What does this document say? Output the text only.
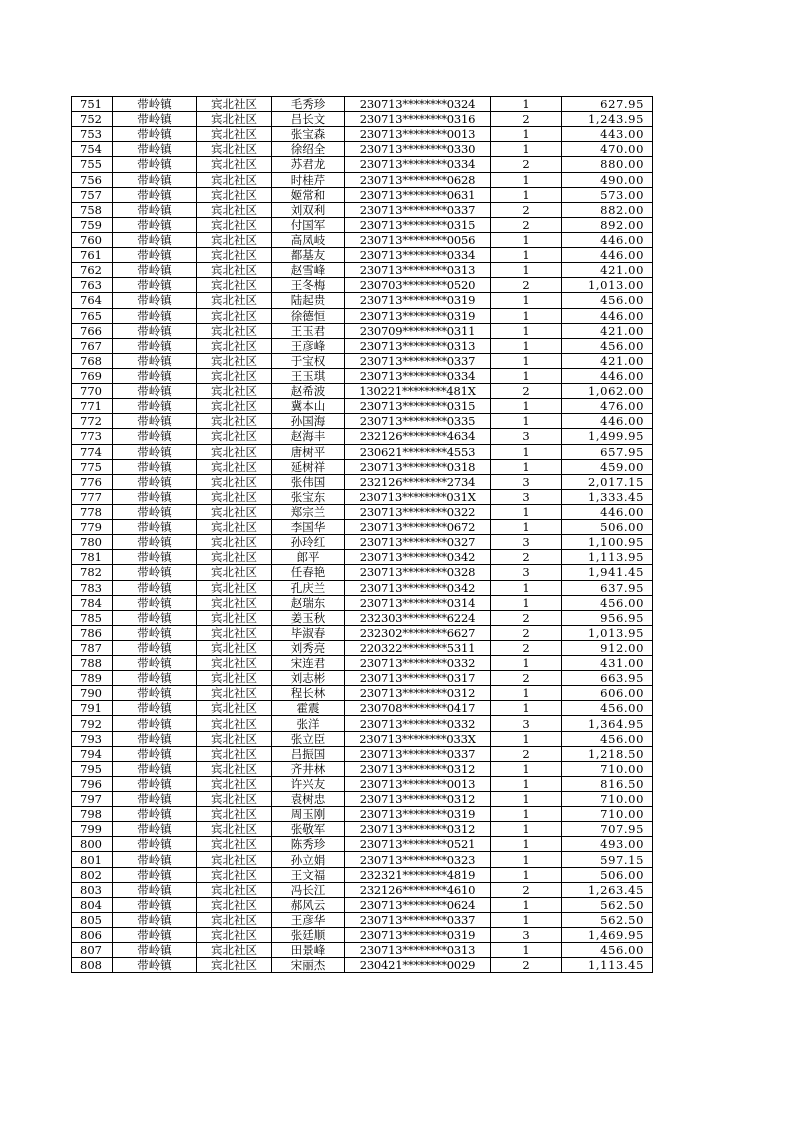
751	带岭镇	宾北社区	毛秀珍	230713********0324	1	627.95
752	带岭镇	宾北社区	吕长文	230713********0316	2	1,243.95
753	带岭镇	宾北社区	张宝森	230713********0013	1	443.00
754	带岭镇	宾北社区	徐绍全	230713********0330	1	470.00
755	带岭镇	宾北社区	苏君龙	230713********0334	2	880.00
756	带岭镇	宾北社区	时桂芹	230713********0628	1	490.00
757	带岭镇	宾北社区	姬常和	230713********0631	1	573.00
758	带岭镇	宾北社区	刘双利	230713********0337	2	882.00
759	带岭镇	宾北社区	付国军	230713********0315	2	892.00
760	带岭镇	宾北社区	高凤岐	230713********0056	1	446.00
761	带岭镇	宾北社区	都基友	230713********0334	1	446.00
762	带岭镇	宾北社区	赵雪峰	230713********0313	1	421.00
763	带岭镇	宾北社区	王冬梅	230703********0520	2	1,013.00
764	带岭镇	宾北社区	陆起贵	230713********0319	1	456.00
765	带岭镇	宾北社区	徐德恒	230713********0319	1	446.00
766	带岭镇	宾北社区	王玉君	230709********0311	1	421.00
767	带岭镇	宾北社区	王彦峰	230713********0313	1	456.00
768	带岭镇	宾北社区	于宝权	230713********0337	1	421.00
769	带岭镇	宾北社区	王玉琪	230713********0334	1	446.00
770	带岭镇	宾北社区	赵希波	130221********481X	2	1,062.00
771	带岭镇	宾北社区	冀本山	230713********0315	1	476.00
772	带岭镇	宾北社区	孙国海	230713********0335	1	446.00
773	带岭镇	宾北社区	赵海丰	232126********4634	3	1,499.95
774	带岭镇	宾北社区	唐树平	230621********4553	1	657.95
775	带岭镇	宾北社区	延树祥	230713********0318	1	459.00
776	带岭镇	宾北社区	张伟国	232126********2734	3	2,017.15
777	带岭镇	宾北社区	张宝东	230713********031X	3	1,333.45
778	带岭镇	宾北社区	郑宗兰	230713********0322	1	446.00
779	带岭镇	宾北社区	李国华	230713********0672	1	506.00
780	带岭镇	宾北社区	孙玲红	230713********0327	3	1,100.95
781	带岭镇	宾北社区	郎平	230713********0342	2	1,113.95
782	带岭镇	宾北社区	任春艳	230713********0328	3	1,941.45
783	带岭镇	宾北社区	孔庆兰	230713********0342	1	637.95
784	带岭镇	宾北社区	赵瑞东	230713********0314	1	456.00
785	带岭镇	宾北社区	姜玉秋	232303********6224	2	956.95
786	带岭镇	宾北社区	毕淑春	232302********6627	2	1,013.95
787	带岭镇	宾北社区	刘秀亮	220322********5311	2	912.00
788	带岭镇	宾北社区	宋连君	230713********0332	1	431.00
789	带岭镇	宾北社区	刘志彬	230713********0317	2	663.95
790	带岭镇	宾北社区	程长林	230713********0312	1	606.00
791	带岭镇	宾北社区	霍震	230708********0417	1	456.00
792	带岭镇	宾北社区	张洋	230713********0332	3	1,364.95
793	带岭镇	宾北社区	张立臣	230713********033X	1	456.00
794	带岭镇	宾北社区	吕振国	230713********0337	2	1,218.50
795	带岭镇	宾北社区	齐井林	230713********0312	1	710.00
796	带岭镇	宾北社区	许兴友	230713********0013	1	816.50
797	带岭镇	宾北社区	袁树忠	230713********0312	1	710.00
798	带岭镇	宾北社区	周玉刚	230713********0319	1	710.00
799	带岭镇	宾北社区	张敬军	230713********0312	1	707.95
800	带岭镇	宾北社区	陈秀珍	230713********0521	1	493.00
801	带岭镇	宾北社区	孙立娟	230713********0323	1	597.15
802	带岭镇	宾北社区	王文福	232321********4819	1	506.00
803	带岭镇	宾北社区	冯长江	232126********4610	2	1,263.45
804	带岭镇	宾北社区	郝风云	230713********0624	1	562.50
805	带岭镇	宾北社区	王彦华	230713********0337	1	562.50
806	带岭镇	宾北社区	张廷顺	230713********0319	3	1,469.95
807	带岭镇	宾北社区	田景峰	230713********0313	1	456.00
808	带岭镇	宾北社区	宋丽杰	230421********0029	2	1,113.45
